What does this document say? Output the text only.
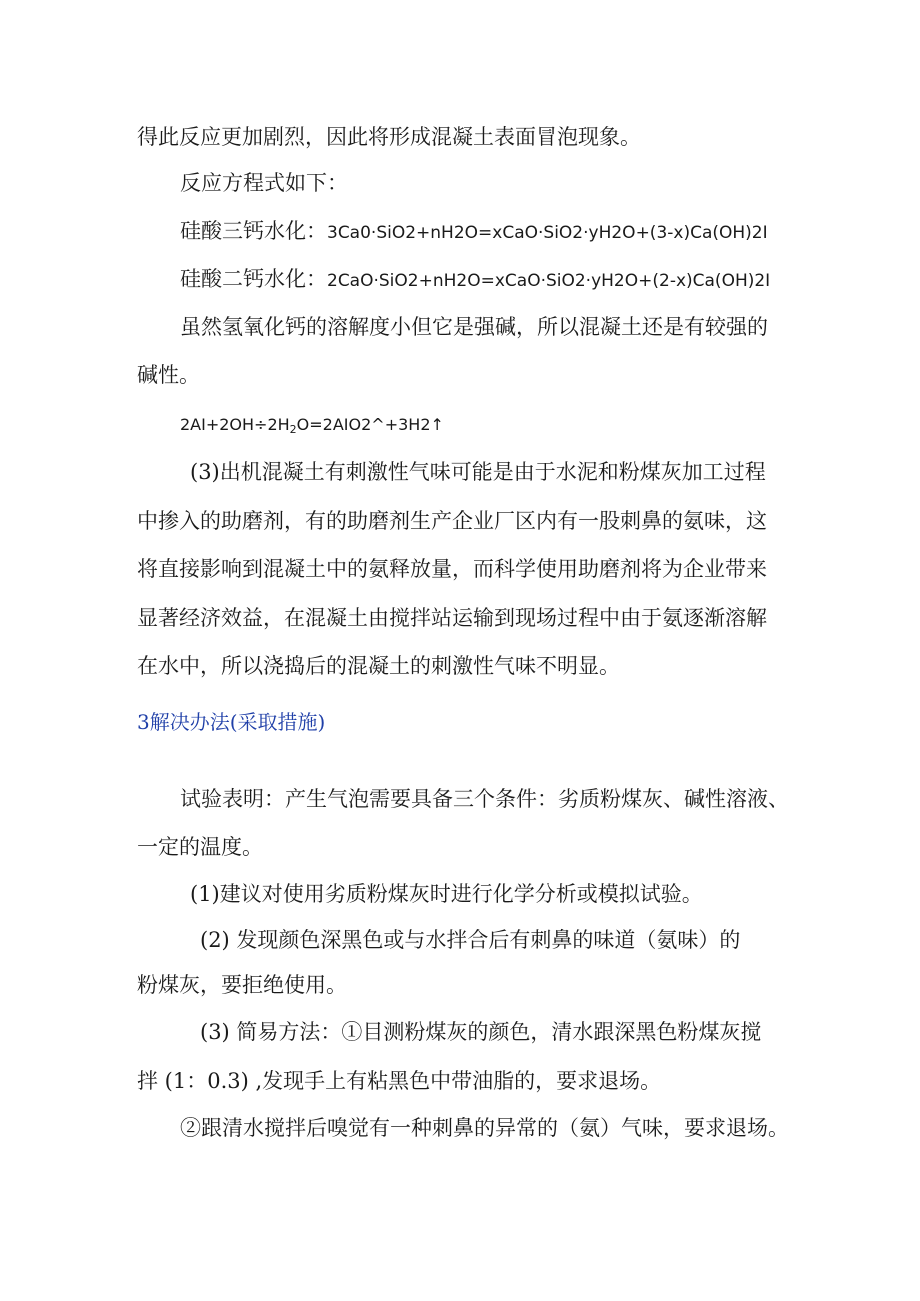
得此反应更加剧烈，因此将形成混凝土表面冒泡现象。
反应方程式如下：
硅酸三钙水化：3Ca0·SiO2+nH2O=xCaO·SiO2·yH2O+(3-x)Ca(OH)2I
硅酸二钙水化：2CaO·SiO2+nH2O=xCaO·SiO2·yH2O+(2-x)Ca(OH)2I
虽然氢氧化钙的溶解度小但它是强碱，所以混凝土还是有较强的
碱性。
$2AI+2OH\div 2H_2O=2AIO2\^{}+3H2↑$
(3)出机混凝土有刺激性气味可能是由于水泥和粉煤灰加工过程
中掺入的助磨剂，有的助磨剂生产企业厂区内有一股刺鼻的氨味，这
将直接影响到混凝土中的氨释放量，而科学使用助磨剂将为企业带来
显著经济效益，在混凝土由搅拌站运输到现场过程中由于氨逐渐溶解
在水中，所以浇捣后的混凝土的刺激性气味不明显。
3解决办法(采取措施)
试验表明：产生气泡需要具备三个条件：劣质粉煤灰、碱性溶液、
一定的温度。
(1)建议对使用劣质粉煤灰时进行化学分析或模拟试验。
(2) 发现颜色深黑色或与水拌合后有刺鼻的味道（氨味）的
粉煤灰，要拒绝使用。
(3) 简易方法：①目测粉煤灰的颜色，清水跟深黑色粉煤灰搅
拌 (1：0.3) ,发现手上有粘黑色中带油脂的，要求退场。
②跟清水搅拌后嗅觉有一种刺鼻的异常的（氨）气味，要求退场。
